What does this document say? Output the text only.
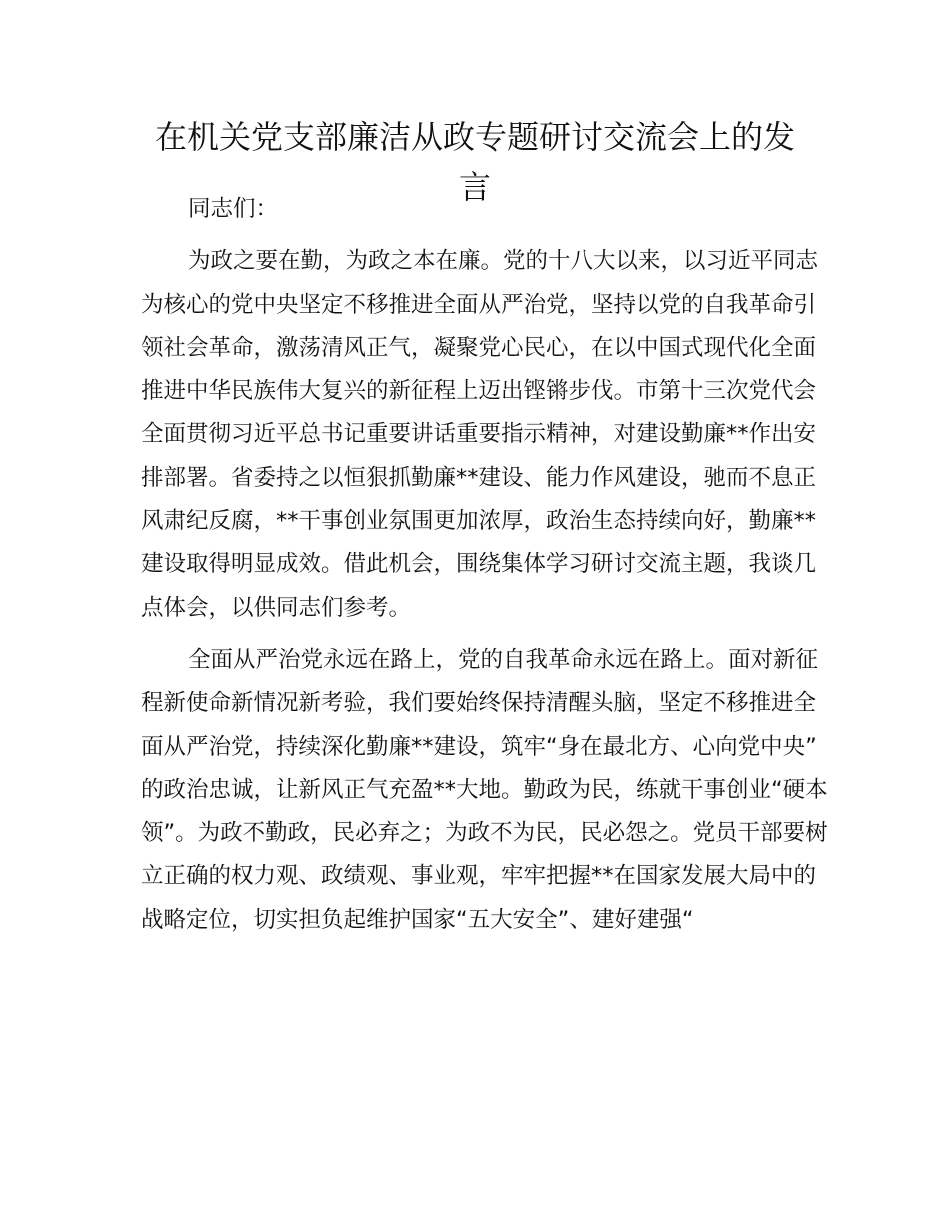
在机关党支部廉洁从政专题研讨交流会上的发言

同志们：

为政之要在勤，为政之本在廉。党的十八大以来，以习近平同志为核心的党中央坚定不移推进全面从严治党，坚持以党的自我革命引领社会革命，激荡清风正气，凝聚党心民心，在以中国式现代化全面推进中华民族伟大复兴的新征程上迈出铿锵步伐。市第十三次党代会全面贯彻习近平总书记重要讲话重要指示精神，对建设勤廉**作出安排部署。省委持之以恒狠抓勤廉**建设、能力作风建设，驰而不息正风肃纪反腐，**干事创业氛围更加浓厚，政治生态持续向好，勤廉**建设取得明显成效。借此机会，围绕集体学习研讨交流主题，我谈几点体会，以供同志们参考。

全面从严治党永远在路上，党的自我革命永远在路上。面对新征程新使命新情况新考验，我们要始终保持清醒头脑，坚定不移推进全面从严治党，持续深化勤廉**建设，筑牢“身在最北方、心向党中央”的政治忠诚，让新风正气充盈**大地。勤政为民，练就干事创业“硬本领”。为政不勤政，民必弃之；为政不为民，民必怨之。党员干部要树立正确的权力观、政绩观、事业观，牢牢把握**在国家发展大局中的战略定位，切实担负起维护国家“五大安全”、建好建强“
